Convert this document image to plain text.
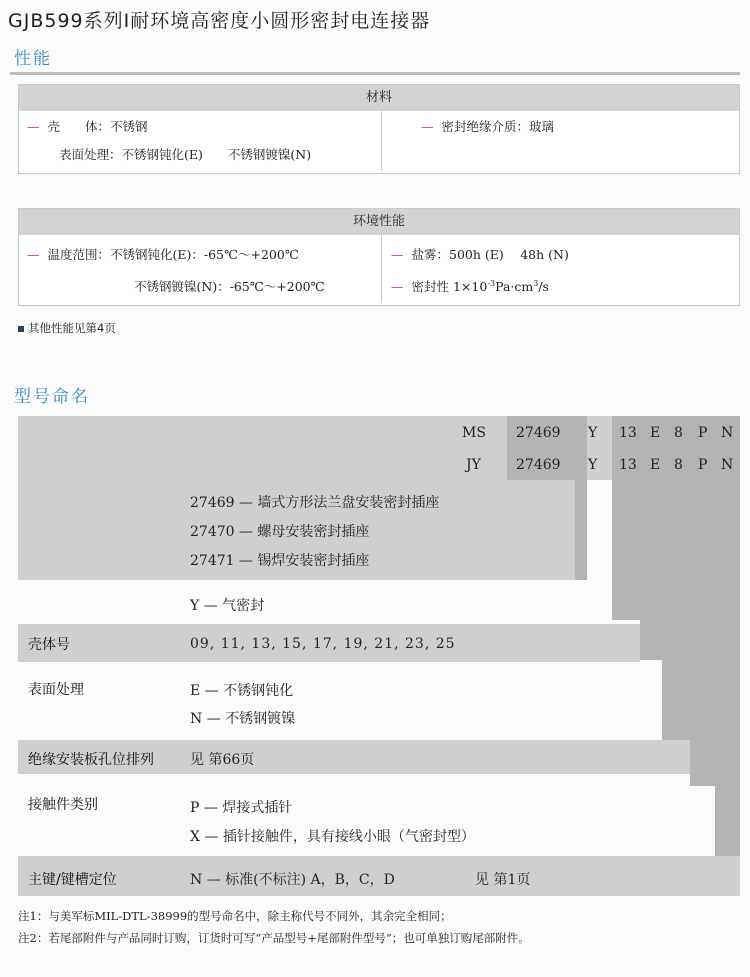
GJB599系列Ⅰ耐环境高密度小圆形密封电连接器
性能
材料
— 壳　　体：不锈钢
表面处理：不锈钢钝化(E)　　不锈钢镀镍(N)
— 密封绝缘介质：玻璃
环境性能
— 温度范围：不锈钢钝化(E)：-65℃～+200℃
不锈钢镀镍(N)：-65℃～+200℃
— 盐雾：500h (E)　 48h (N)
— 密封性 $1\times 10^{-3}Pa\cdot cm^3/s$
其他性能见第4页
型号命名
MS 27469 Y 13 E 8 P N
JY	27469 Y 13 E 8 P N
27469 — 墙式方形法兰盘安装密封插座
27470 — 螺母安装密封插座
27471 — 锡焊安装密封插座
Y — 气密封
壳体号	09, 11, 13, 15, 17, 19, 21, 23, 25
表面处理	E — 不锈钢钝化
N — 不锈钢镀镍
绝缘安装板孔位排列	见 第66页
接触件类别	P — 焊接式插针
X — 插针接触件，具有接线小眼（气密封型）
主键/键槽定位	N — 标准(不标注) A，B，C，D	见 第1页
注1：与美军标MIL-DTL-38999的型号命名中，除主称代号不同外，其余完全相同；
注2：若尾部附件与产品同时订购，订货时可写“产品型号+尾部附件型号”；也可单独订购尾部附件。
